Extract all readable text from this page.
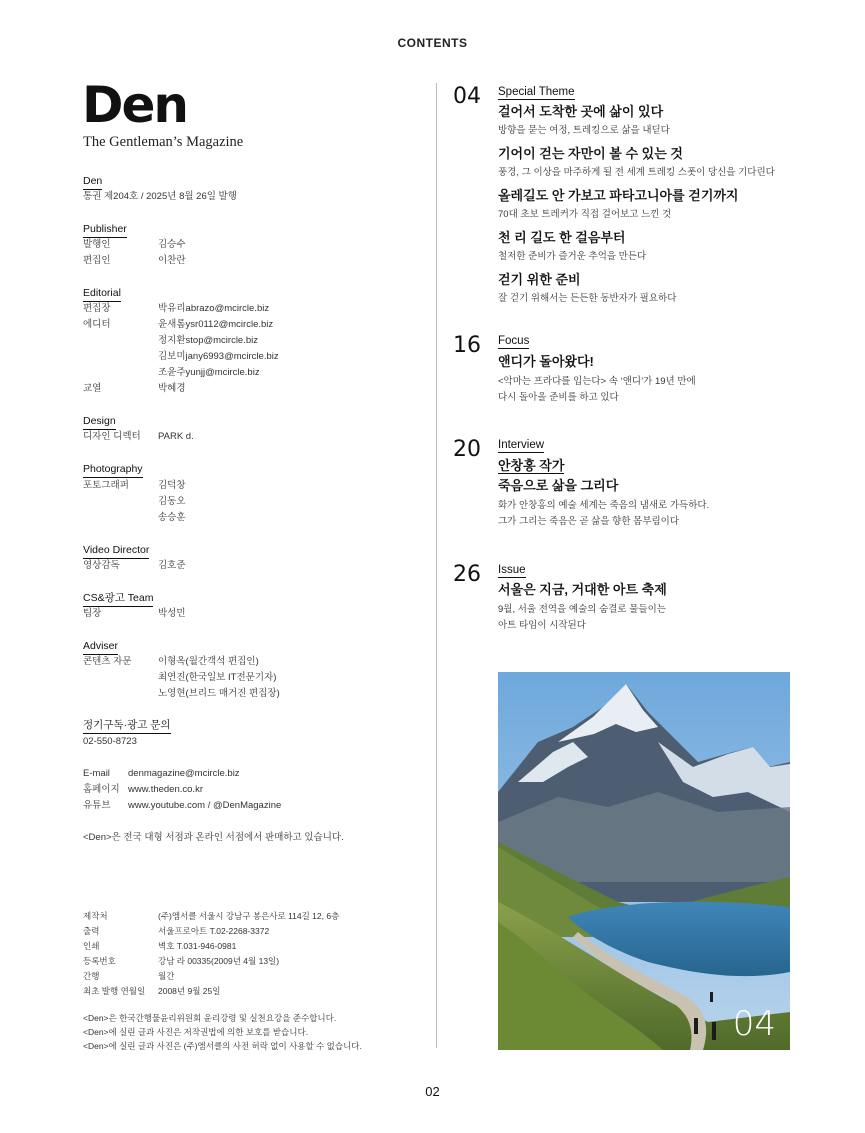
CONTENTS
Den
The Gentleman’s Magazine
Den
통권 제204호 / 2025년 8월 26일 발행
Publisher
발행인	김승수
편집인	이찬란
Editorial
편집장	박유리abrazo@mcircle.biz
에디터	윤새롬ysr0112@mcircle.biz
정지환stop@mcircle.biz
김보미jany6993@mcircle.biz
조윤주yunjj@mcircle.biz
교열	박혜경
Design
디자인 디렉터 PARK d.
Photography
포토그래퍼	김덕창
김동오
송승훈
Video Director
영상감독	김호준
CS&광고 Team
팀장	박성민
Adviser
콘텐츠 자문	이형옥(월간객석 편집인)
최연진(한국일보 IT전문기자)
노영현(브리드 매거진 편집장)
정기구독·광고 문의
02-550-8723
E-mail denmagazine@mcircle.biz
홈페이지 www.theden.co.kr
유튜브 www.youtube.com / @DenMagazine
<Den>은 전국 대형 서점과 온라인 서점에서 판매하고 있습니다.
제작처	(주)엠서클 서울시 강남구 봉은사로 114길 12, 6층
출력	서울프로아트 T.02-2268-3372
인쇄	벽호 T.031-946-0981
등록번호	강남 라 00335(2009년 4월 13일)
간행	월간
최초 발행 연월일 2008년 9월 25일
<Den>은 한국간행물윤리위원회 윤리강령 및 실천요강을 준수합니다.
<Den>에 실린 글과 사진은 저작권법에 의한 보호를 받습니다.
<Den>에 실린 글과 사진은 (주)엠서클의 사전 허락 없이 사용할 수 없습니다.
04 Special Theme
걸어서 도착한 곳에 삶이 있다
방향을 묻는 여정, 트레킹으로 삶을 내딛다
기어이 걷는 자만이 볼 수 있는 것
풍경, 그 이상을 마주하게 될 전 세계 트레킹 스폿이 당신을 기다린다
올레길도 안 가보고 파타고니아를 걷기까지
70대 초보 트레커가 직접 걸어보고 느낀 것
천 리 길도 한 걸음부터
철저한 준비가 즐거운 추억을 만든다
걷기 위한 준비
잘 걷기 위해서는 든든한 동반자가 필요하다
16 Focus
앤디가 돌아왔다!
<악마는 프라다를 입는다> 속 ‘앤디’가 19년 만에
다시 돌아올 준비를 하고 있다
20 Interview
안창홍 작가
죽음으로 삶을 그리다
화가 안창홍의 예술 세계는 죽음의 냄새로 가득하다.
그가 그리는 죽음은 곧 삶을 향한 몸부림이다
26 Issue
서울은 지금, 거대한 아트 축제
9월, 서울 전역을 예술의 숨결로 물들이는
아트 타임이 시작된다
04
02
